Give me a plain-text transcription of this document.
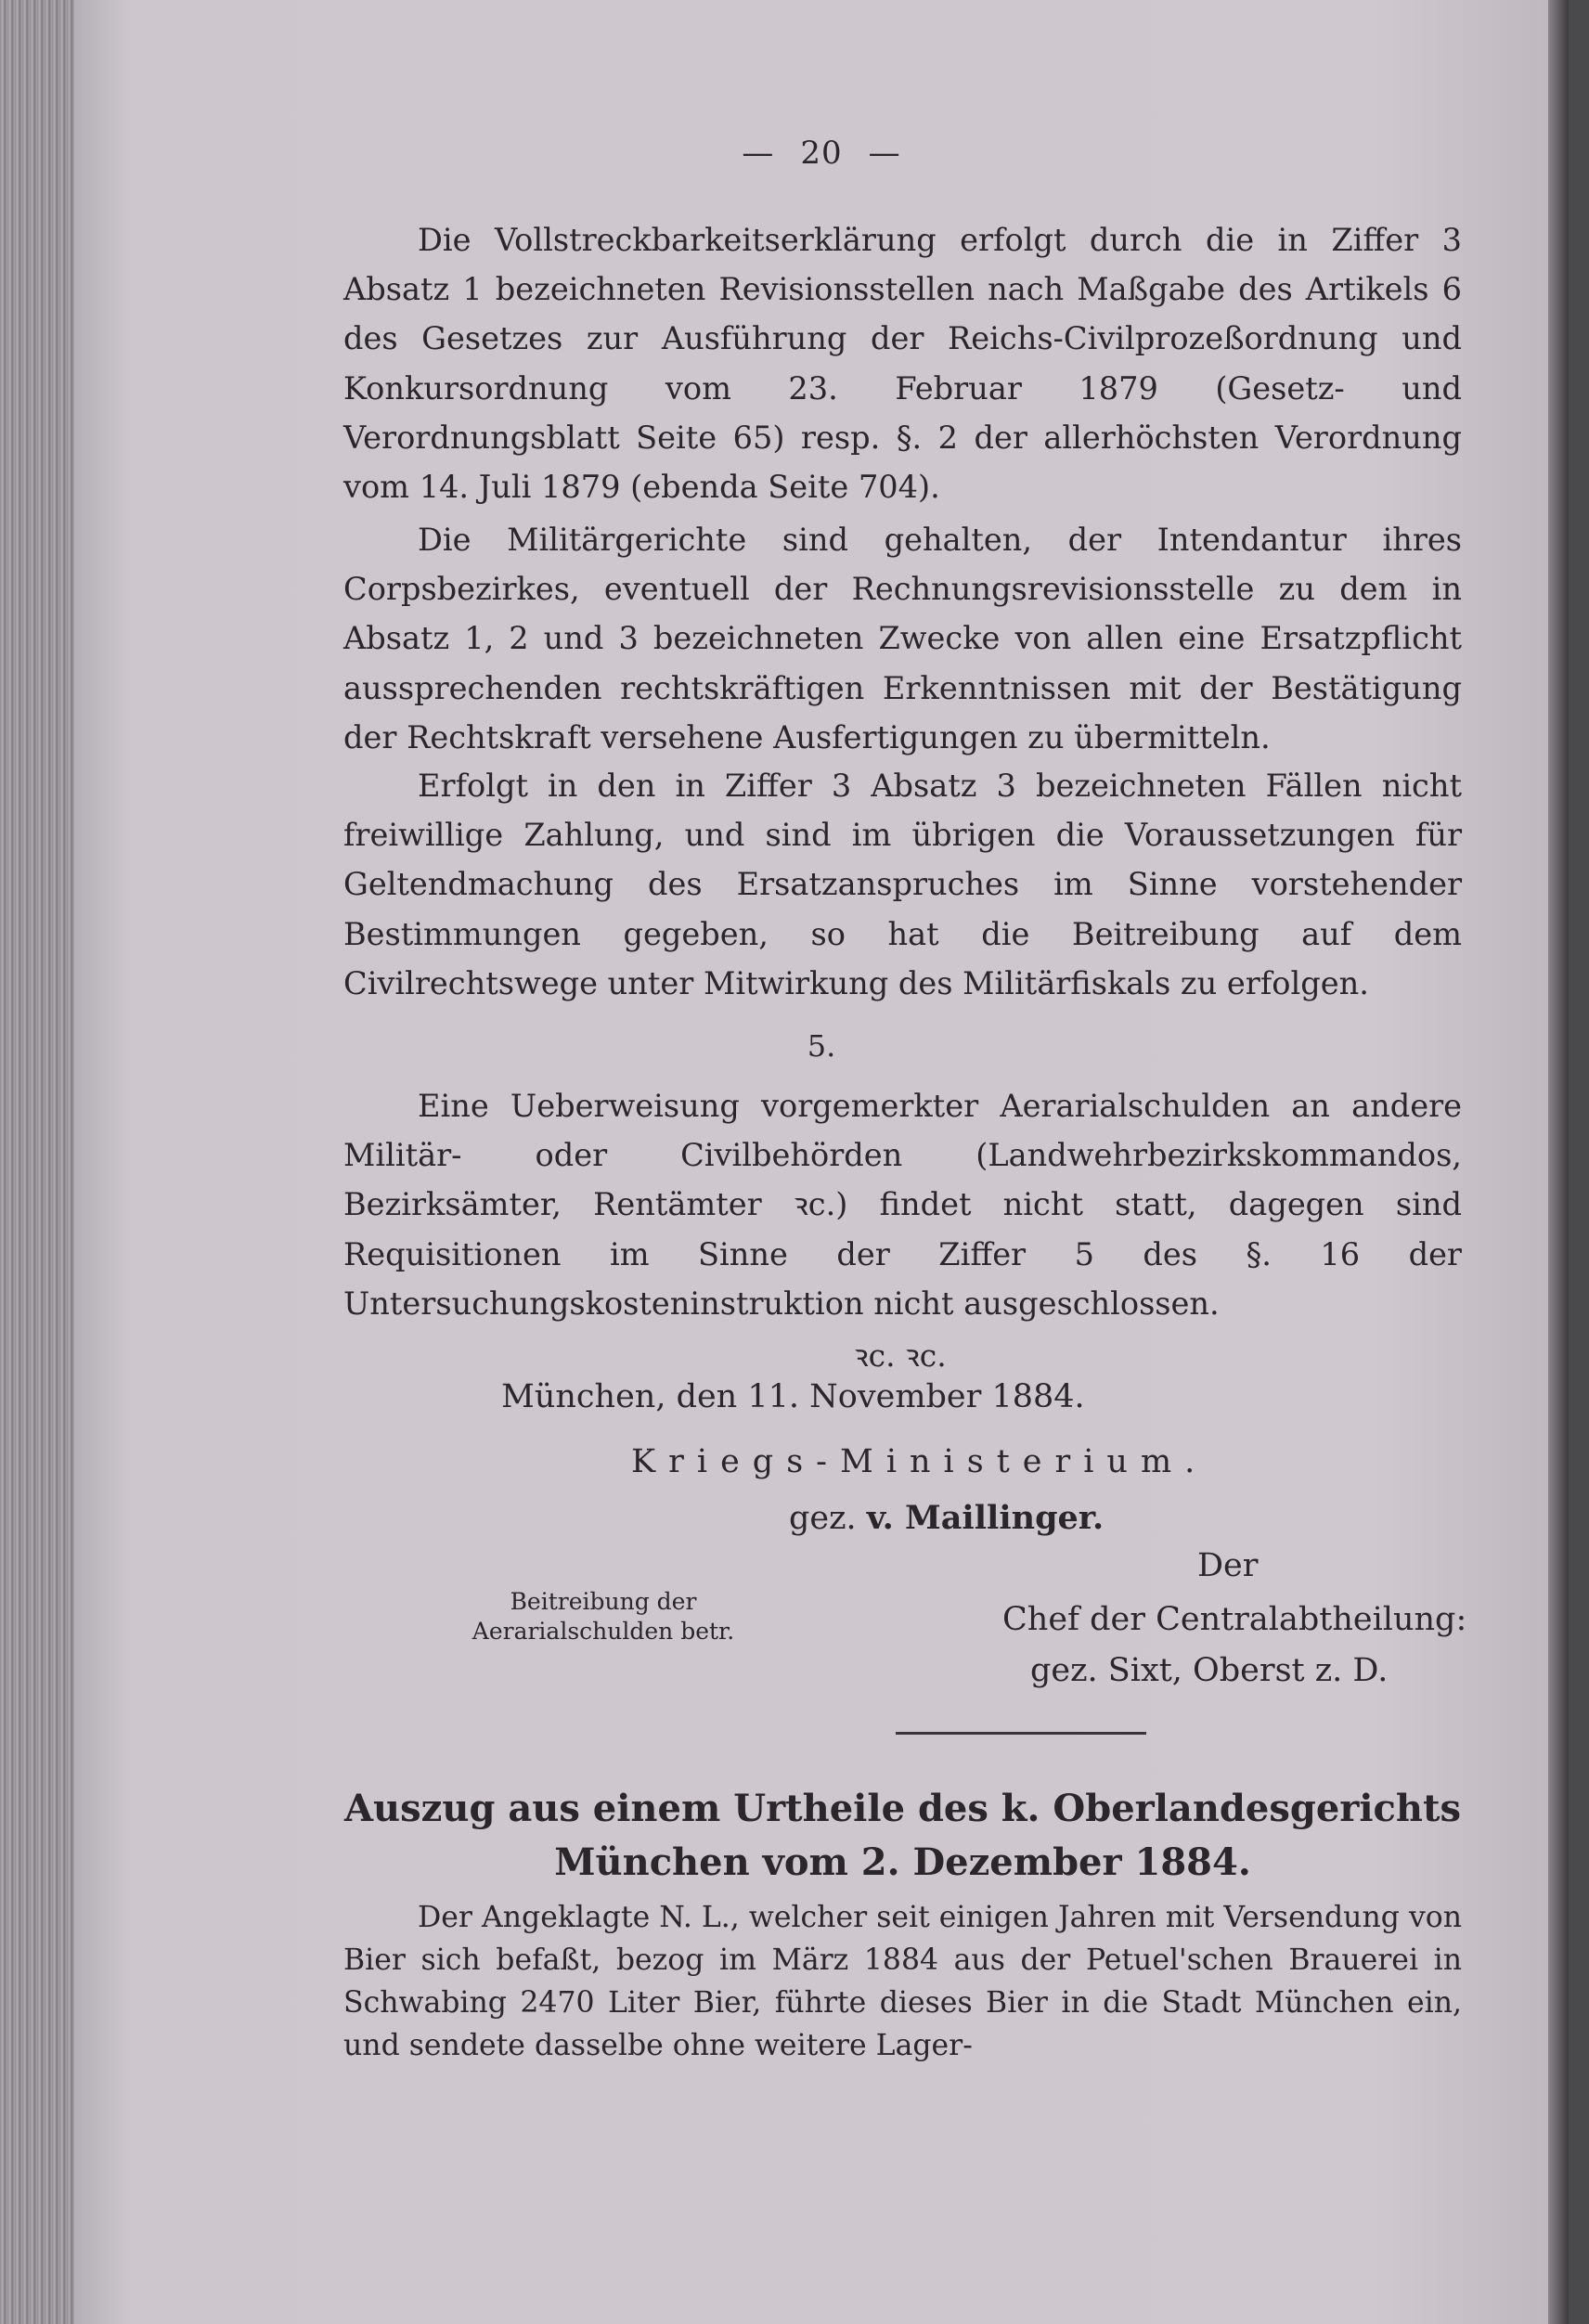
— 20 —

Die Vollstreckbarkeitserklärung erfolgt durch die in Ziffer 3 Absatz 1 bezeichneten Revisionsstellen nach Maßgabe des Artikels 6 des Gesetzes zur Ausführung der Reichs-Civilprozeßordnung und Konkursordnung vom 23. Februar 1879 (Gesetz- und Verordnungsblatt Seite 65) resp. §. 2 der allerhöchsten Verordnung vom 14. Juli 1879 (ebenda Seite 704).

Die Militärgerichte sind gehalten, der Intendantur ihres Corpsbezirkes, eventuell der Rechnungsrevisionsstelle zu dem in Absatz 1, 2 und 3 bezeichneten Zwecke von allen eine Ersatzpflicht aussprechenden rechtskräftigen Erkenntnissen mit der Bestätigung der Rechtskraft versehene Ausfertigungen zu übermitteln.

Erfolgt in den in Ziffer 3 Absatz 3 bezeichneten Fällen nicht freiwillige Zahlung, und sind im übrigen die Voraussetzungen für Geltendmachung des Ersatzanspruches im Sinne vorstehender Bestimmungen gegeben, so hat die Beitreibung auf dem Civilrechtswege unter Mitwirkung des Militärfiskals zu erfolgen.

5.

Eine Ueberweisung vorgemerkter Aerarialschulden an andere Militär- oder Civilbehörden (Landwehrbezirkskommandos, Bezirksämter, Rentämter ꝛc.) findet nicht statt, dagegen sind Requisitionen im Sinne der Ziffer 5 des §. 16 der Untersuchungskosteninstruktion nicht ausgeschlossen.

ꝛc. ꝛc.
München, den 11. November 1884.
Kriegs-Ministerium.
gez. v. Maillinger.
Der
Chef der Centralabtheilung:
gez. Sixt, Oberst z. D.
Beitreibung der Aerarialschulden betr.
Auszug aus einem Urtheile des k. Oberlandesgerichts
München vom 2. Dezember 1884.

Der Angeklagte N. L., welcher seit einigen Jahren mit Versendung von Bier sich befaßt, bezog im März 1884 aus der Petuel'schen Brauerei in Schwabing 2470 Liter Bier, führte dieses Bier in die Stadt München ein, und sendete dasselbe ohne weitere Lager-
